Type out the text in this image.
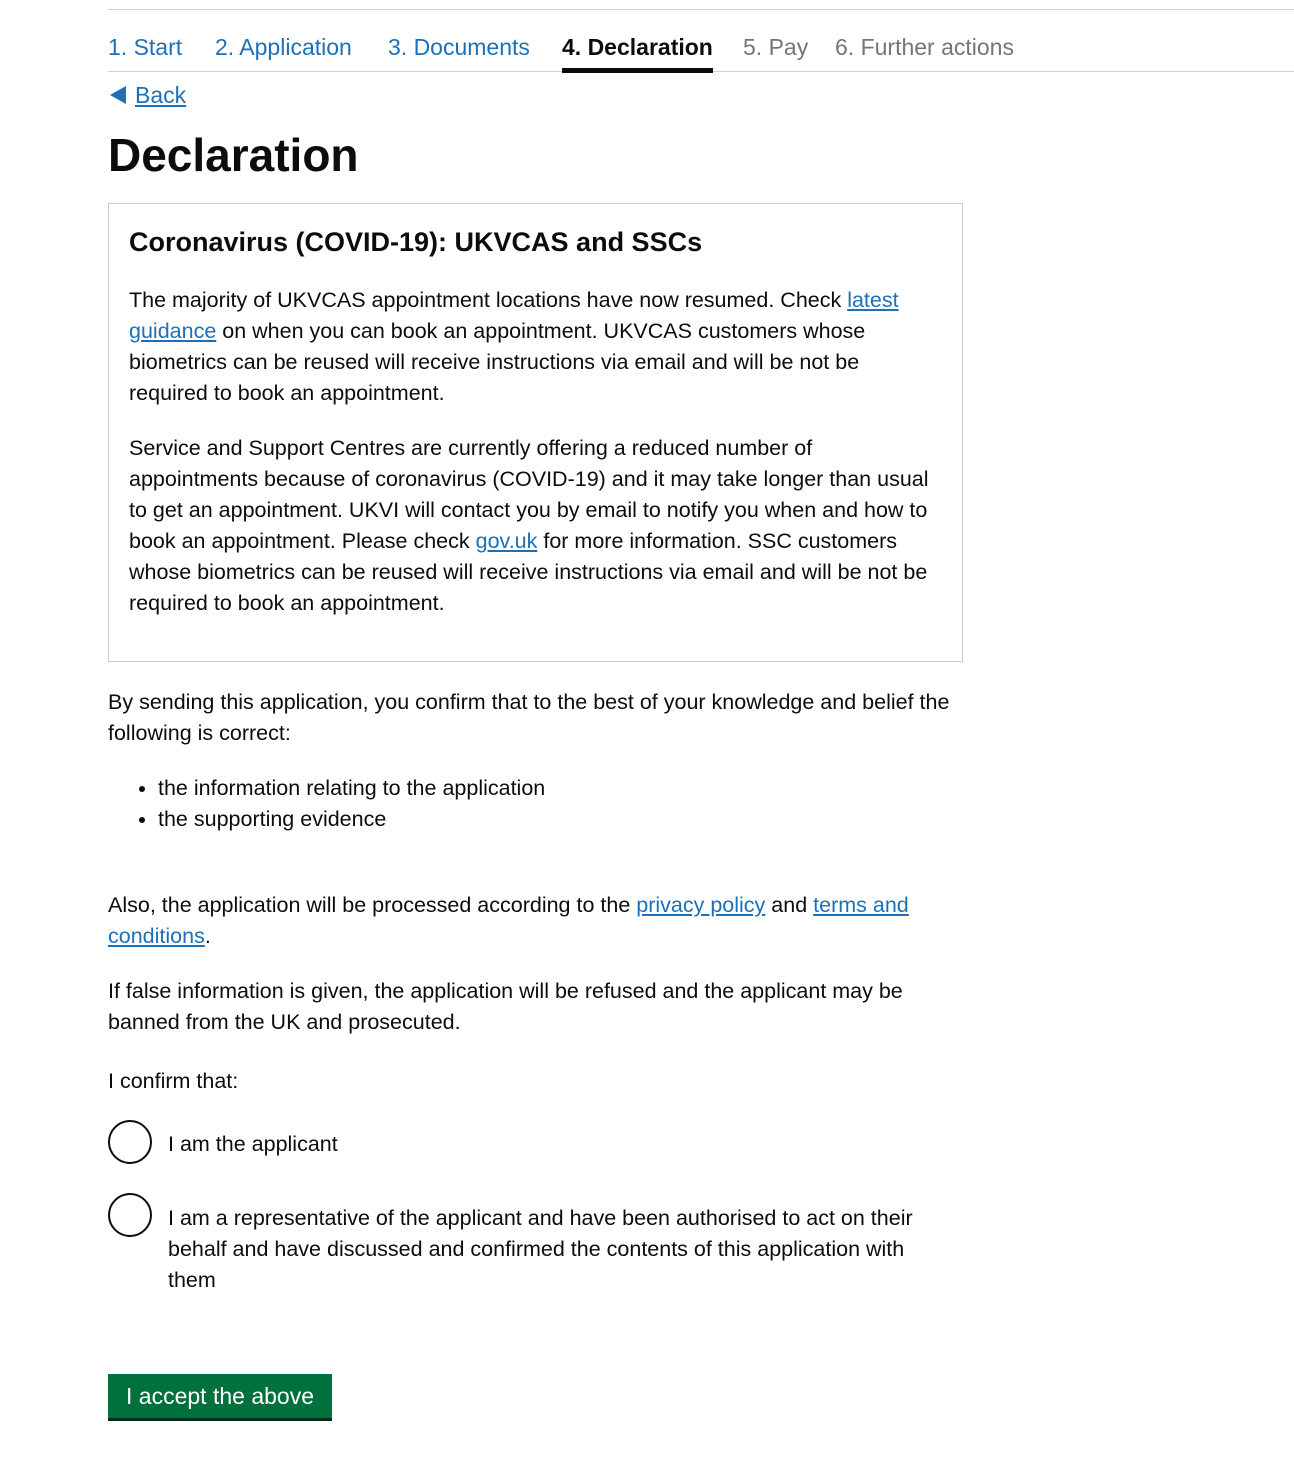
1. Start 2. Application 3. Documents 4. Declaration 5. Pay 6. Further actions
Back
Declaration
Coronavirus (COVID-19): UKVCAS and SSCs

The majority of UKVCAS appointment locations have now resumed. Check latest guidance on when you can book an appointment. UKVCAS customers whose biometrics can be reused will receive instructions via email and will be not be required to book an appointment.

Service and Support Centres are currently offering a reduced number of appointments because of coronavirus (COVID-19) and it may take longer than usual to get an appointment. UKVI will contact you by email to notify you when and how to book an appointment. Please check gov.uk for more information. SSC customers whose biometrics can be reused will receive instructions via email and will be not be required to book an appointment.

By sending this application, you confirm that to the best of your knowledge and belief the following is correct:

• the information relating to the application
• the supporting evidence

Also, the application will be processed according to the privacy policy and terms and conditions.

If false information is given, the application will be refused and the applicant may be banned from the UK and prosecuted.

I confirm that:

I am the applicant
I am a representative of the applicant and have been authorised to act on their behalf and have discussed and confirmed the contents of this application with them
I accept the above
